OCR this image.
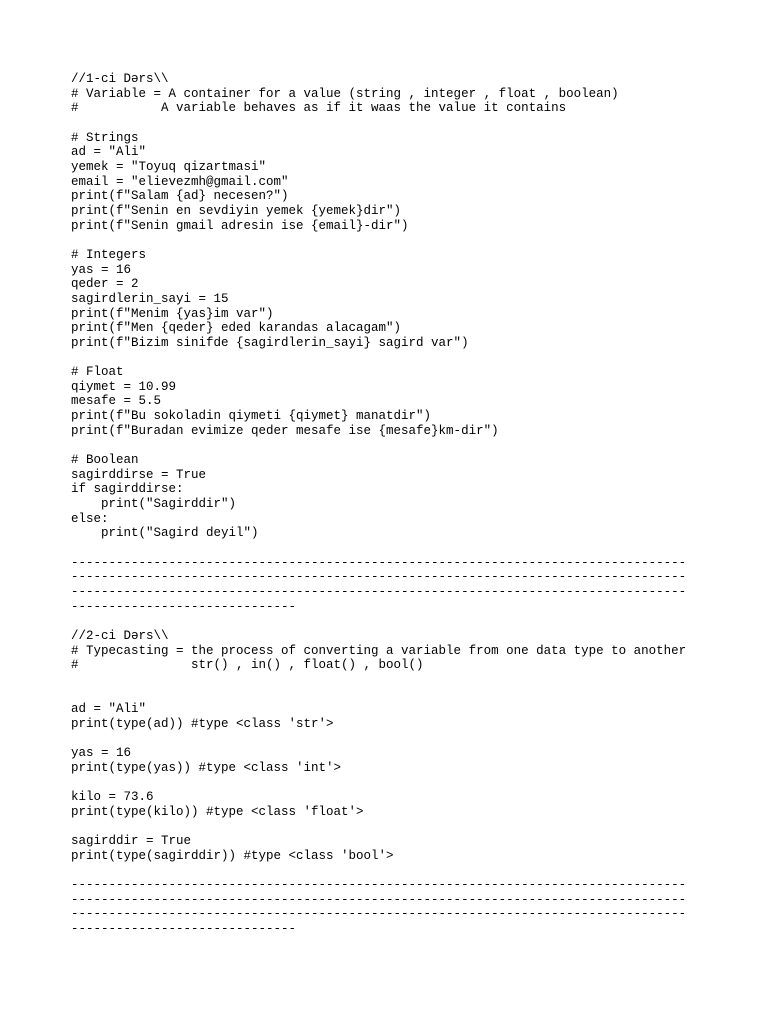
//1-ci Dərs\\
# Variable = A container for a value (string , integer , float , boolean)
#           A variable behaves as if it waas the value it contains

# Strings
ad = "Ali"
yemek = "Toyuq qizartmasi"
email = "elievezmh@gmail.com"
print(f"Salam {ad} necesen?")
print(f"Senin en sevdiyin yemek {yemek}dir")
print(f"Senin gmail adresin ise {email}-dir")

# Integers
yas = 16
qeder = 2
sagirdlerin_sayi = 15
print(f"Menim {yas}im var")
print(f"Men {qeder} eded karandas alacagam")
print(f"Bizim sinifde {sagirdlerin_sayi} sagird var")

# Float
qiymet = 10.99
mesafe = 5.5
print(f"Bu sokoladin qiymeti {qiymet} manatdir")
print(f"Buradan evimize qeder mesafe ise {mesafe}km-dir")

# Boolean
sagirddirse = True
if sagirddirse:
print("Sagirddir")
else:
print("Sagird deyil")

----------------------------------------------------------------------------------
----------------------------------------------------------------------------------
----------------------------------------------------------------------------------
------------------------------

//2-ci Dərs\\
# Typecasting = the process of converting a variable from one data type to another
#               str() , in() , float() , bool()

ad = "Ali"
print(type(ad)) #type <class 'str'>

yas = 16
print(type(yas)) #type <class 'int'>

kilo = 73.6
print(type(kilo)) #type <class 'float'>

sagirddir = True
print(type(sagirddir)) #type <class 'bool'>

----------------------------------------------------------------------------------
----------------------------------------------------------------------------------
----------------------------------------------------------------------------------
------------------------------
